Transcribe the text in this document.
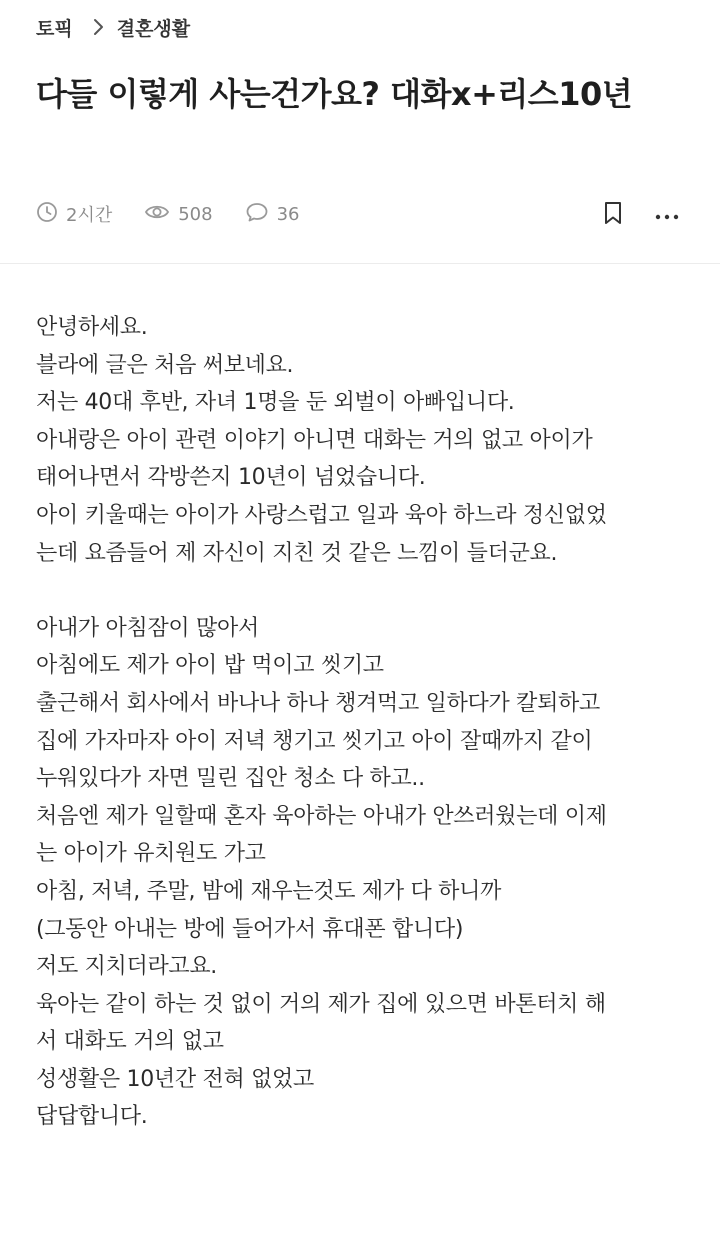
토픽 결혼생활
다들 이렇게 사는건가요? 대화x+리스10년
2시간	508	36
안녕하세요.
블라에 글은 처음 써보네요.
저는 40대 후반, 자녀 1명을 둔 외벌이 아빠입니다.
아내랑은 아이 관련 이야기 아니면 대화는 거의 없고 아이가
태어나면서 각방쓴지 10년이 넘었습니다.
아이 키울때는 아이가 사랑스럽고 일과 육아 하느라 정신없었
는데 요즘들어 제 자신이 지친 것 같은 느낌이 들더군요.
아내가 아침잠이 많아서
아침에도 제가 아이 밥 먹이고 씻기고
출근해서 회사에서 바나나 하나 챙겨먹고 일하다가 칼퇴하고
집에 가자마자 아이 저녁 챙기고 씻기고 아이 잘때까지 같이
누워있다가 자면 밀린 집안 청소 다 하고..
처음엔 제가 일할때 혼자 육아하는 아내가 안쓰러웠는데 이제
는 아이가 유치원도 가고
아침, 저녁, 주말, 밤에 재우는것도 제가 다 하니까
(그동안 아내는 방에 들어가서 휴대폰 합니다)
저도 지치더라고요.
육아는 같이 하는 것 없이 거의 제가 집에 있으면 바톤터치 해
서 대화도 거의 없고
성생활은 10년간 전혀 없었고
답답합니다.
